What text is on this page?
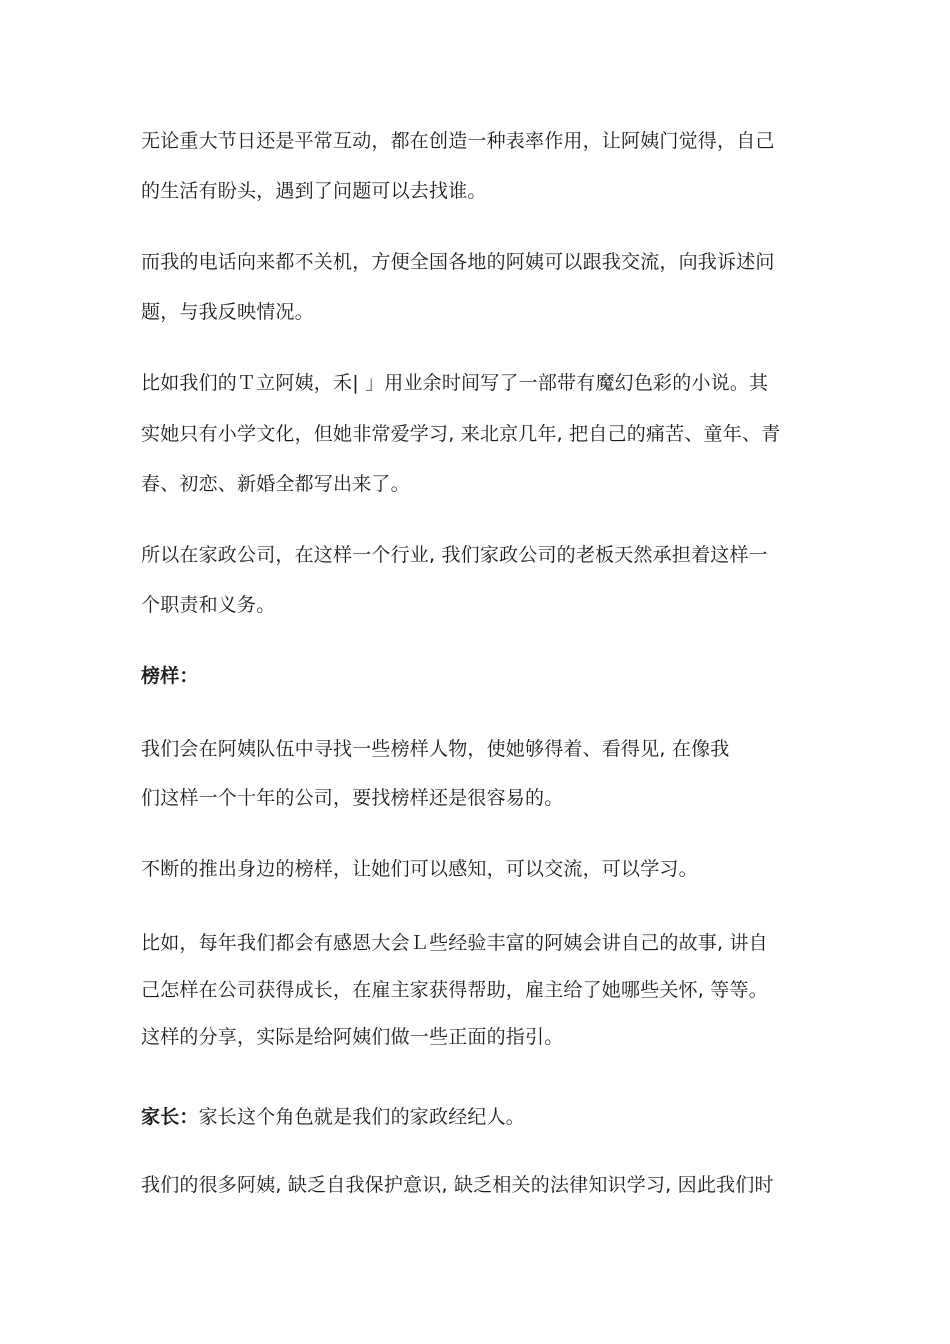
无论重大节日还是平常互动，都在创造一种表率作用，让阿姨门觉得，自己
的生活有盼头，遇到了问题可以去找谁。
而我的电话向来都不关机，方便全国各地的阿姨可以跟我交流，向我诉述问
题，与我反映情况。
比如我们的Ｔ立阿姨，禾| 」用业余时间写了一部带有魔幻色彩的小说。其
实她只有小学文化，但她非常爱学习, 来北京几年, 把自己的痛苦、童年、青
春、初恋、新婚全都写出来了。
所以在家政公司，在这样一个行业, 我们家政公司的老板天然承担着这样一
个职责和义务。
榜样：
我们会在阿姨队伍中寻找一些榜样人物，使她够得着、看得见, 在像我
们这样一个十年的公司，要找榜样还是很容易的。
不断的推出身边的榜样，让她们可以感知，可以交流，可以学习。
比如，每年我们都会有感恩大会Ｌ些经验丰富的阿姨会讲自己的故事, 讲自
己怎样在公司获得成长，在雇主家获得帮助，雇主给了她哪些关怀, 等等。
这样的分享，实际是给阿姨们做一些正面的指引。
家长：家长这个角色就是我们的家政经纪人。
我们的很多阿姨, 缺乏自我保护意识, 缺乏相关的法律知识学习, 因此我们时
